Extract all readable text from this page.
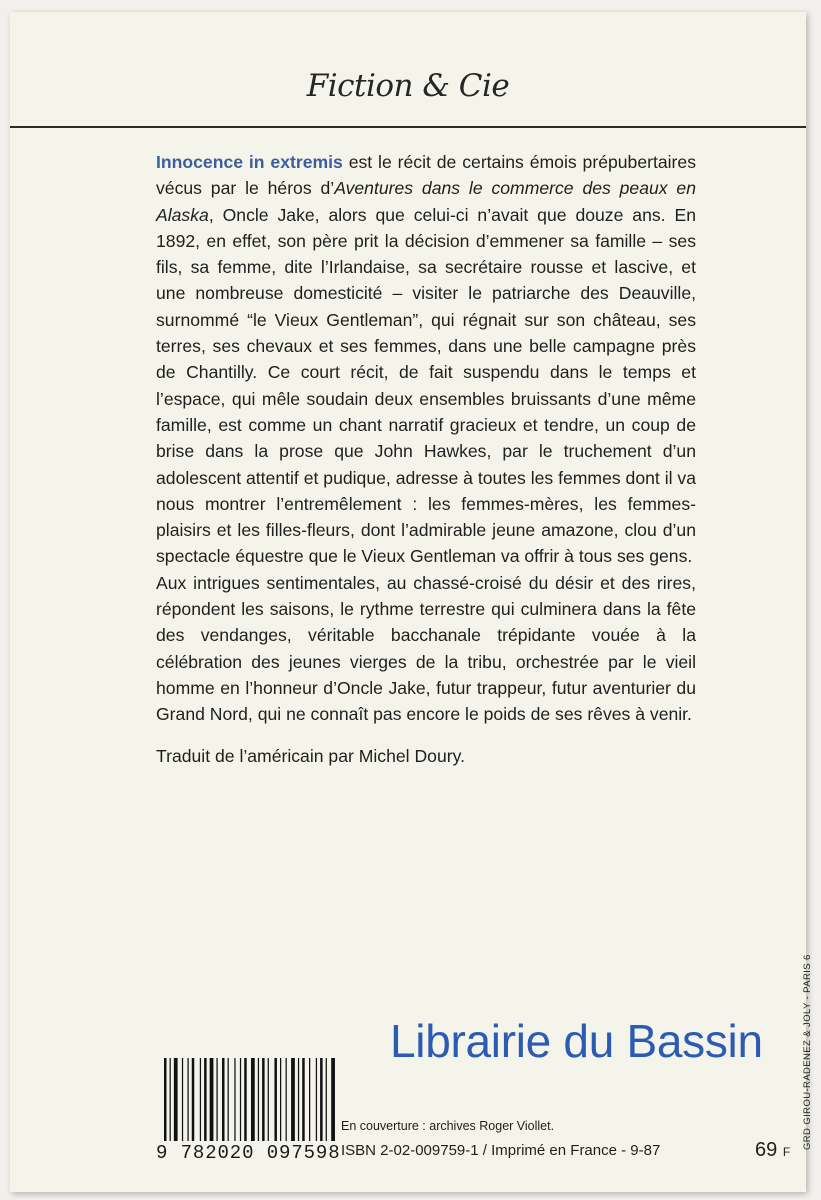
Fiction & Cie

Innocence in extremis est le récit de certains émois prépubertaires vécus par le héros d’Aventures dans le commerce des peaux en Alaska, Oncle Jake, alors que celui-ci n’avait que douze ans. En 1892, en effet, son père prit la décision d’emmener sa famille – ses fils, sa femme, dite l’Irlandaise, sa secrétaire rousse et lascive, et une nombreuse domesticité – visiter le patriarche des Deauville, surnommé “le Vieux Gentleman”, qui régnait sur son château, ses terres, ses chevaux et ses femmes, dans une belle campagne près de Chantilly. Ce court récit, de fait suspendu dans le temps et l’espace, qui mêle soudain deux ensembles bruissants d’une même famille, est comme un chant narratif gracieux et tendre, un coup de brise dans la prose que John Hawkes, par le truchement d’un adolescent attentif et pudique, adresse à toutes les femmes dont il va nous montrer l’entremêlement : les femmes-mères, les femmes-plaisirs et les filles-fleurs, dont l’admirable jeune amazone, clou d’un spectacle équestre que le Vieux Gentleman va offrir à tous ses gens.

Aux intrigues sentimentales, au chassé-croisé du désir et des rires, répondent les saisons, le rythme terrestre qui culminera dans la fête des vendanges, véritable bacchanale trépidante vouée à la célébration des jeunes vierges de la tribu, orchestrée par le vieil homme en l’honneur d’Oncle Jake, futur trappeur, futur aventurier du Grand Nord, qui ne connaît pas encore le poids de ses rêves à venir.

Traduit de l’américain par Michel Doury.
Librairie du Bassin
9 782020 097598
En couverture : archives Roger Viollet.
ISBN 2-02-009759-1 / Imprimé en France - 9-87	69 F
GRD GIROU-RADENEZ & JOLY - PARIS 6
